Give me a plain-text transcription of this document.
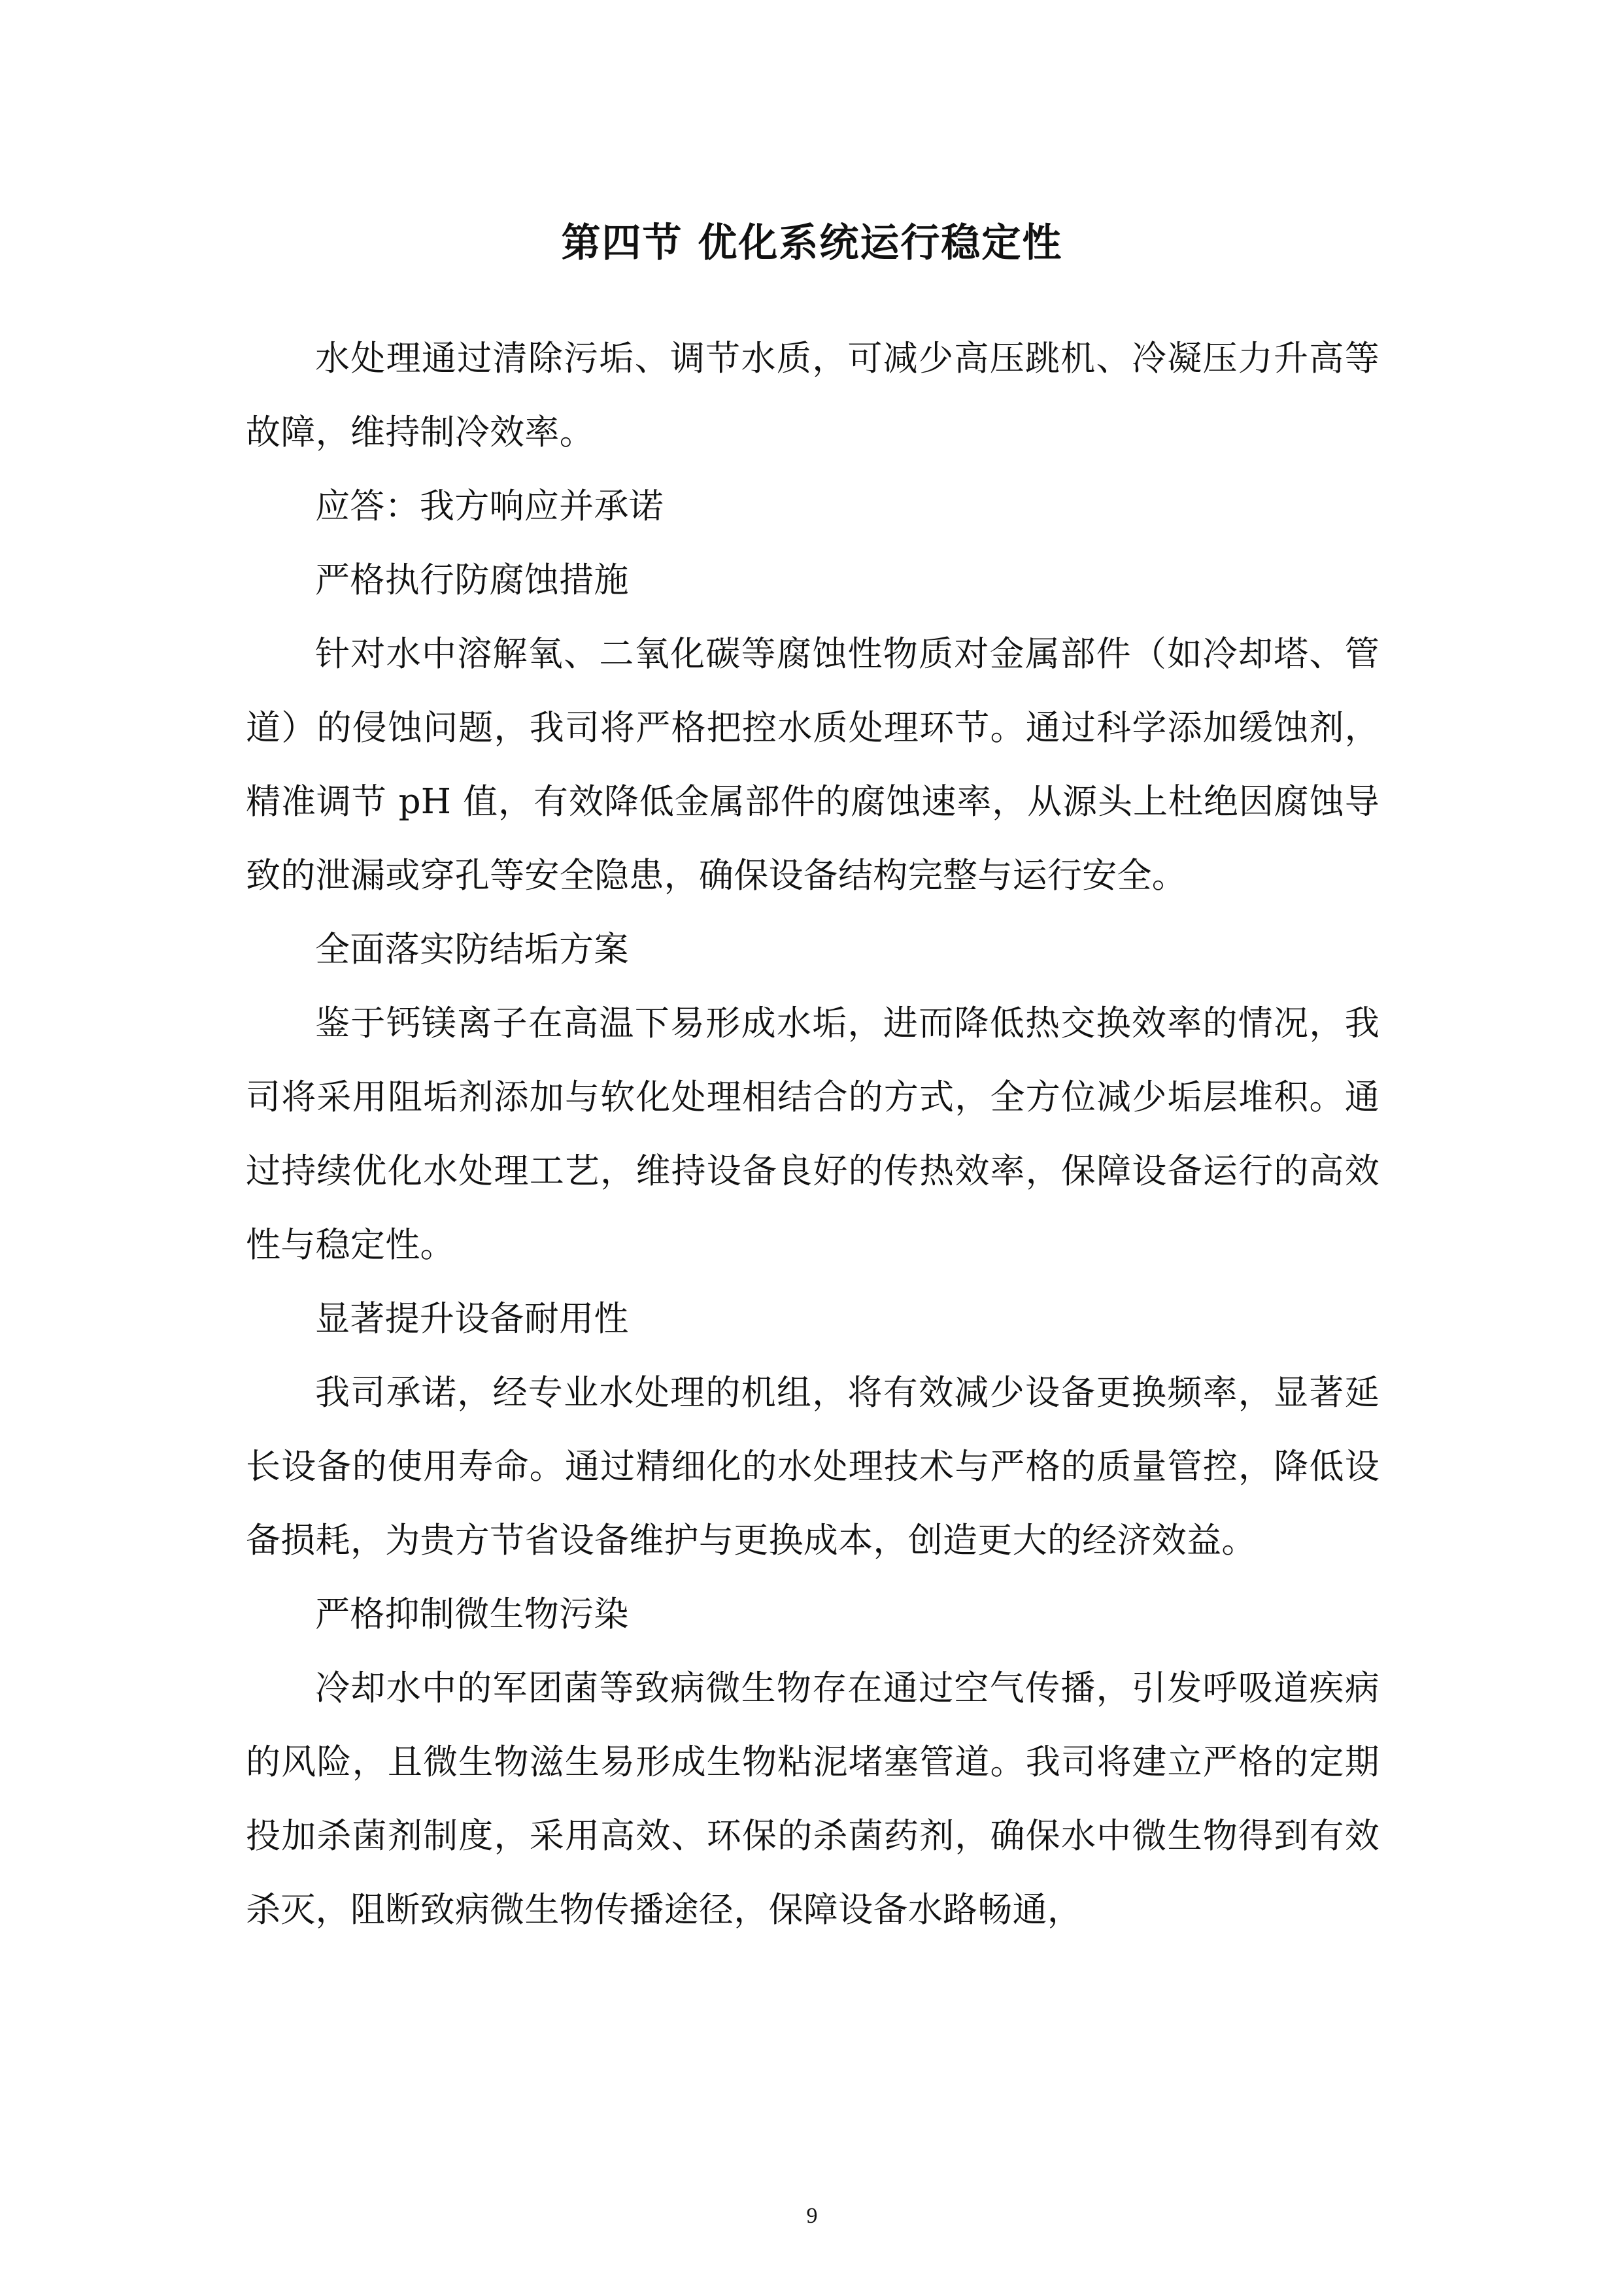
第四节 优化系统运行稳定性

水处理通过清除污垢、调节水质，可减少高压跳机、冷凝压力升高等故障，维持制冷效率。

应答：我方响应并承诺

严格执行防腐蚀措施

针对水中溶解氧、二氧化碳等腐蚀性物质对金属部件（如冷却塔、管道）的侵蚀问题，我司将严格把控水质处理环节。通过科学添加缓蚀剂，精准调节 pH 值，有效降低金属部件的腐蚀速率，从源头上杜绝因腐蚀导致的泄漏或穿孔等安全隐患，确保设备结构完整与运行安全。

全面落实防结垢方案

鉴于钙镁离子在高温下易形成水垢，进而降低热交换效率的情况，我司将采用阻垢剂添加与软化处理相结合的方式，全方位减少垢层堆积。通过持续优化水处理工艺，维持设备良好的传热效率，保障设备运行的高效性与稳定性。

显著提升设备耐用性

我司承诺，经专业水处理的机组，将有效减少设备更换频率，显著延长设备的使用寿命。通过精细化的水处理技术与严格的质量管控，降低设备损耗，为贵方节省设备维护与更换成本，创造更大的经济效益。

严格抑制微生物污染

冷却水中的军团菌等致病微生物存在通过空气传播，引发呼吸道疾病的风险，且微生物滋生易形成生物粘泥堵塞管道。我司将建立严格的定期投加杀菌剂制度，采用高效、环保的杀菌药剂，确保水中微生物得到有效杀灭，阻断致病微生物传播途径，保障设备水路畅通，

9
